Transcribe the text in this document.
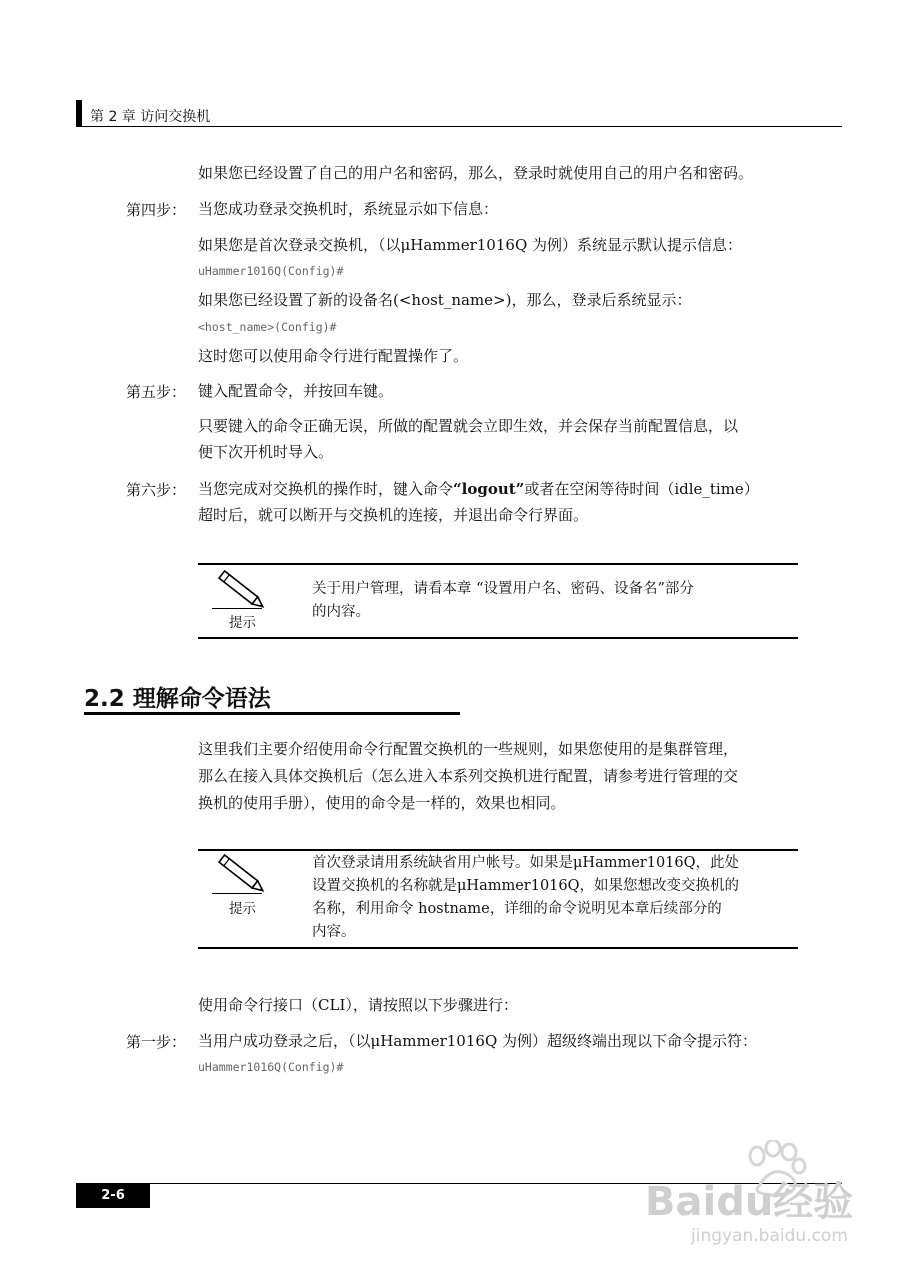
第 2 章 访问交换机
如果您已经设置了自己的用户名和密码，那么，登录时就使用自己的用户名和密码。
第四步： 当您成功登录交换机时，系统显示如下信息：
如果您是首次登录交换机，（以μHammer1016Q 为例）系统显示默认提示信息：
uHammer1016Q(Config)#
如果您已经设置了新的设备名(<host_name>)，那么，登录后系统显示：
<host_name>(Config)#
这时您可以使用命令行进行配置操作了。
第五步： 键入配置命令，并按回车键。
只要键入的命令正确无误，所做的配置就会立即生效，并会保存当前配置信息，以
便下次开机时导入。
第六步： 当您完成对交换机的操作时，键入命令“logout”或者在空闲等待时间（idle_time）
超时后，就可以断开与交换机的连接，并退出命令行界面。
提示
关于用户管理，请看本章 “设置用户名、密码、设备名”部分
的内容。
2.2 理解命令语法
这里我们主要介绍使用命令行配置交换机的一些规则，如果您使用的是集群管理，
那么在接入具体交换机后（怎么进入本系列交换机进行配置，请参考进行管理的交
换机的使用手册），使用的命令是一样的，效果也相同。
提示
首次登录请用系统缺省用户帐号。如果是μHammer1016Q，此处
设置交换机的名称就是μHammer1016Q，如果您想改变交换机的
名称，利用命令 hostname，详细的命令说明见本章后续部分的
内容。
使用命令行接口（CLI），请按照以下步骤进行：
第一步： 当用户成功登录之后，（以μHammer1016Q 为例）超级终端出现以下命令提示符：
uHammer1016Q(Config)#
2-6	Baidu经验
jingyan.baidu.com
